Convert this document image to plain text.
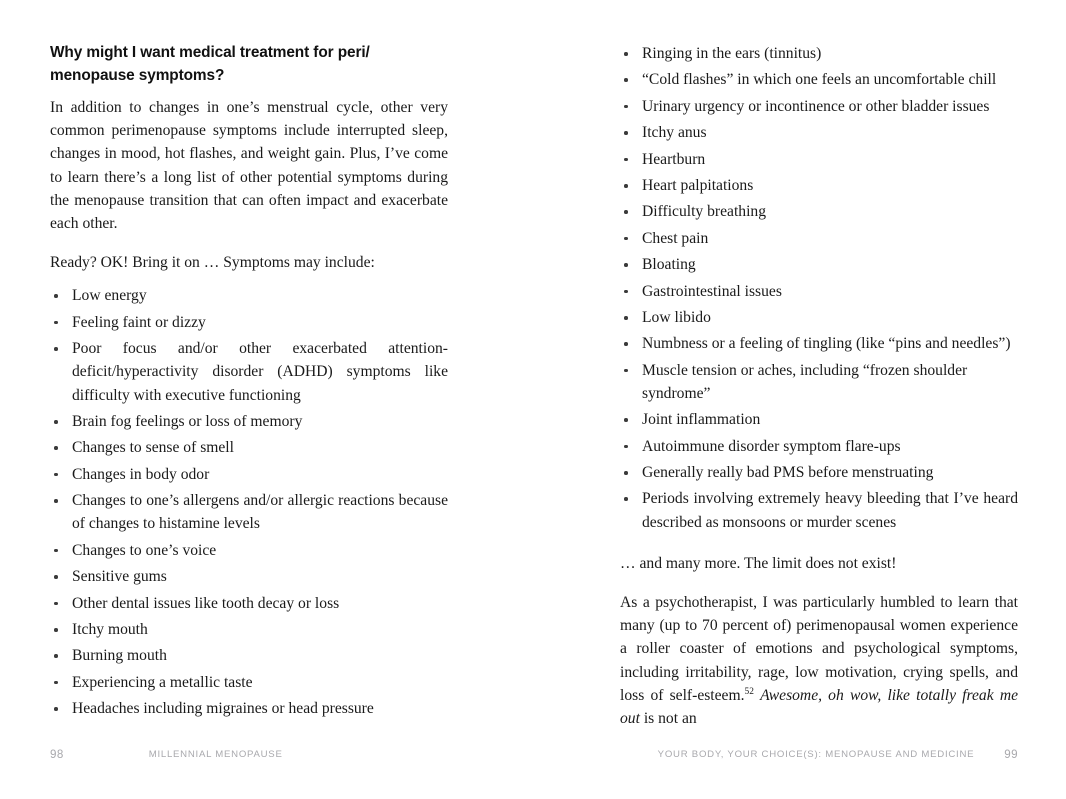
Why might I want medical treatment for peri/ menopause symptoms?

In addition to changes in one’s menstrual cycle, other very common perimenopause symptoms include interrupted sleep, changes in mood, hot flashes, and weight gain. Plus, I’ve come to learn there’s a long list of other potential symptoms during the menopause transition that can often impact and exacerbate each other.

Ready? OK! Bring it on … Symptoms may include:

Low energy
Feeling faint or dizzy
Poor focus and/or other exacerbated attention-deficit/hyperactivity disorder (ADHD) symptoms like difficulty with executive functioning
Brain fog feelings or loss of memory
Changes to sense of smell
Changes in body odor
Changes to one’s allergens and/or allergic reactions because of changes to histamine levels
Changes to one’s voice
Sensitive gums
Other dental issues like tooth decay or loss
Itchy mouth
Burning mouth
Experiencing a metallic taste
Headaches including migraines or head pressure
Ringing in the ears (tinnitus)
“Cold flashes” in which one feels an uncomfortable chill
Urinary urgency or incontinence or other bladder issues
Itchy anus
Heartburn
Heart palpitations
Difficulty breathing
Chest pain
Bloating
Gastrointestinal issues
Low libido
Numbness or a feeling of tingling (like “pins and needles”)
Muscle tension or aches, including “frozen shoulder syndrome”
Joint inflammation
Autoimmune disorder symptom flare-ups
Generally really bad PMS before menstruating
Periods involving extremely heavy bleeding that I’ve heard described as monsoons or murder scenes

… and many more. The limit does not exist!

As a psychotherapist, I was particularly humbled to learn that many (up to 70 percent of) perimenopausal women experience a roller coaster of emotions and psychological symptoms, including irritability, rage, low motivation, crying spells, and loss of self-esteem.$^{52}$ Awesome, oh wow, like totally freak me out is not an

98	MILLENNIAL MENOPAUSE	YOUR BODY, YOUR CHOICE(S): MENOPAUSE AND MEDICINE	99
